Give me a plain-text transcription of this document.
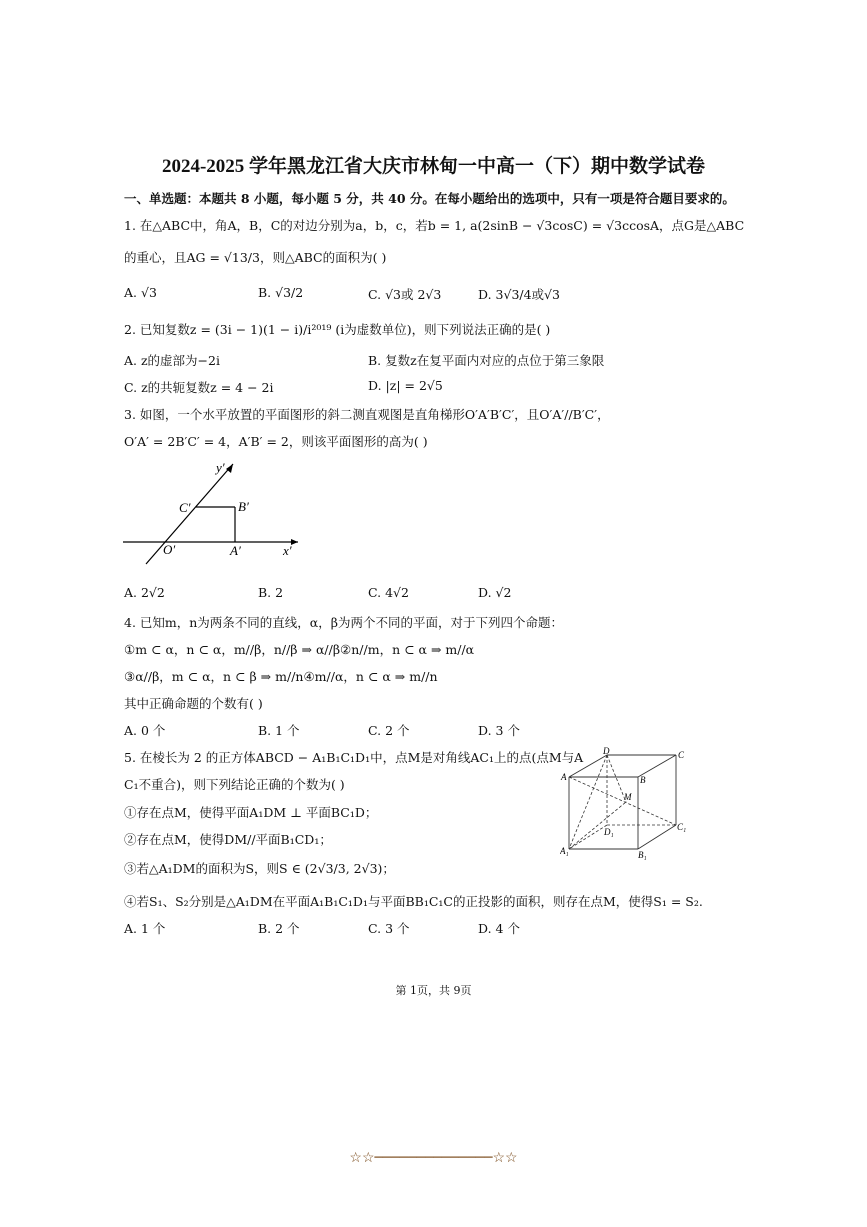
2024-2025 学年黑龙江省大庆市林甸一中高一（下）期中数学试卷
一、单选题：本题共 8 小题，每小题 5 分，共 40 分。在每小题给出的选项中，只有一项是符合题目要求的。
1. 在△ABC中，角A，B，C的对边分别为a，b，c，若b = 1, a(2sinB − √3cosC) = √3ccosA，点G是△ABC
的重心，且AG = √13/3，则△ABC的面积为( )
A. √3	B. √3/2	C. √3或 2√3	D. 3√3/4或√3
2. 已知复数z = (3i − 1)(1 − i)/i²⁰¹⁹ (i为虚数单位)，则下列说法正确的是( )
A. z的虚部为−2i	B. 复数z在复平面内对应的点位于第三象限
C. z的共轭复数z = 4 − 2i	D. |z| = 2√5
3. 如图，一个水平放置的平面图形的斜二测直观图是直角梯形O′A′B′C′，且O′A′//B′C′，
O′A′ = 2B′C′ = 4，A′B′ = 2，则该平面图形的高为( )
y′
x′
C′	B′
O′	A′
A. 2√2	B. 2	C. 4√2	D. √2
4. 已知m，n为两条不同的直线，α，β为两个不同的平面，对于下列四个命题：
①m ⊂ α，n ⊂ α，m//β，n//β ⇒ α//β②n//m，n ⊂ α ⇒ m//α
③α//β，m ⊂ α，n ⊂ β ⇒ m//n④m//α，n ⊂ α ⇒ m//n
其中正确命题的个数有( )
A. 0 个	B. 1 个	C. 2 个	D. 3 个
5. 在棱长为 2 的正方体ABCD − A₁B₁C₁D₁中，点M是对角线AC₁上的点(点M与A
C₁不重合)，则下列结论正确的个数为( )
①存在点M，使得平面A₁DM ⊥ 平面BC₁D；
②存在点M，使得DM//平面B₁CD₁；
③若△A₁DM的面积为S，则S ∈ (2√3/3, 2√3)；
④若S₁、S₂分别是△A₁DM在平面A₁B₁C₁D₁与平面BB₁C₁C的正投影的面积，则存在点M，使得S₁ = S₂.
D	C
A	B
M
D₁	C₁
A₁	B₁
A. 1 个	B. 2 个	C. 3 个	D. 4 个
第 1页，共 9页
☆☆──────────────☆☆
